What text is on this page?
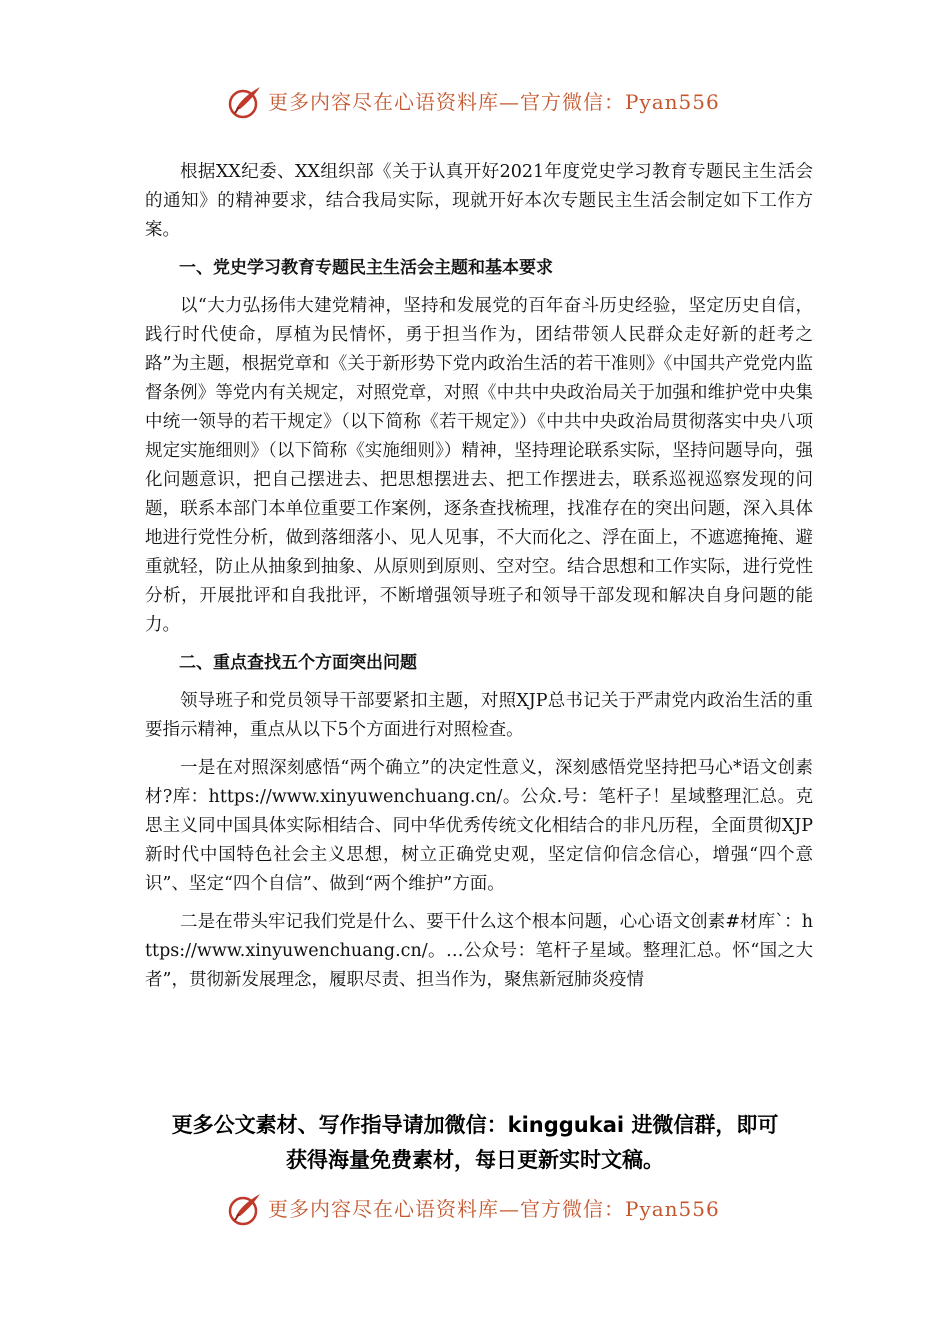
更多内容尽在心语资料库—官方微信：Pyan556

根据XX纪委、XX组织部《关于认真开好2021年度党史学习教育专题民主生活会的通知》的精神要求，结合我局实际，现就开好本次专题民主生活会制定如下工作方案。

一、党史学习教育专题民主生活会主题和基本要求

以“大力弘扬伟大建党精神，坚持和发展党的百年奋斗历史经验，坚定历史自信，践行时代使命，厚植为民情怀，勇于担当作为，团结带领人民群众走好新的赶考之路”为主题，根据党章和《关于新形势下党内政治生活的若干准则》《中国共产党党内监督条例》等党内有关规定，对照党章，对照《中共中央政治局关于加强和维护党中央集中统一领导的若干规定》（以下简称《若干规定》）《中共中央政治局贯彻落实中央八项规定实施细则》（以下简称《实施细则》）精神，坚持理论联系实际，坚持问题导向，强化问题意识，把自己摆进去、把思想摆进去、把工作摆进去，联系巡视巡察发现的问题，联系本部门本单位重要工作案例，逐条查找梳理，找准存在的突出问题，深入具体地进行党性分析，做到落细落小、见人见事，不大而化之、浮在面上，不遮遮掩掩、避重就轻，防止从抽象到抽象、从原则到原则、空对空。结合思想和工作实际，进行党性分析，开展批评和自我批评，不断增强领导班子和领导干部发现和解决自身问题的能力。

二、重点查找五个方面突出问题

领导班子和党员领导干部要紧扣主题，对照XJP总书记关于严肃党内政治生活的重要指示精神，重点从以下5个方面进行对照检查。

一是在对照深刻感悟“两个确立”的决定性意义，深刻感悟党坚持把马心*语文创素材?库：https://www.xinyuwenchuang.cn/。公众.号：笔杆子！星域整理汇总。克思主义同中国具体实际相结合、同中华优秀传统文化相结合的非凡历程，全面贯彻XJP新时代中国特色社会主义思想，树立正确党史观，坚定信仰信念信心，增强“四个意识”、坚定“四个自信”、做到“两个维护”方面。

二是在带头牢记我们党是什么、要干什么这个根本问题，心心语文创素#材库`：https://www.xinyuwenchuang.cn/。…公众号：笔杆子星域。整理汇总。怀“国之大者”，贯彻新发展理念，履职尽责、担当作为，聚焦新冠肺炎疫情

更多公文素材、写作指导请加微信：kinggukai 进微信群，即可
获得海量免费素材，每日更新实时文稿。
更多内容尽在心语资料库—官方微信：Pyan556
